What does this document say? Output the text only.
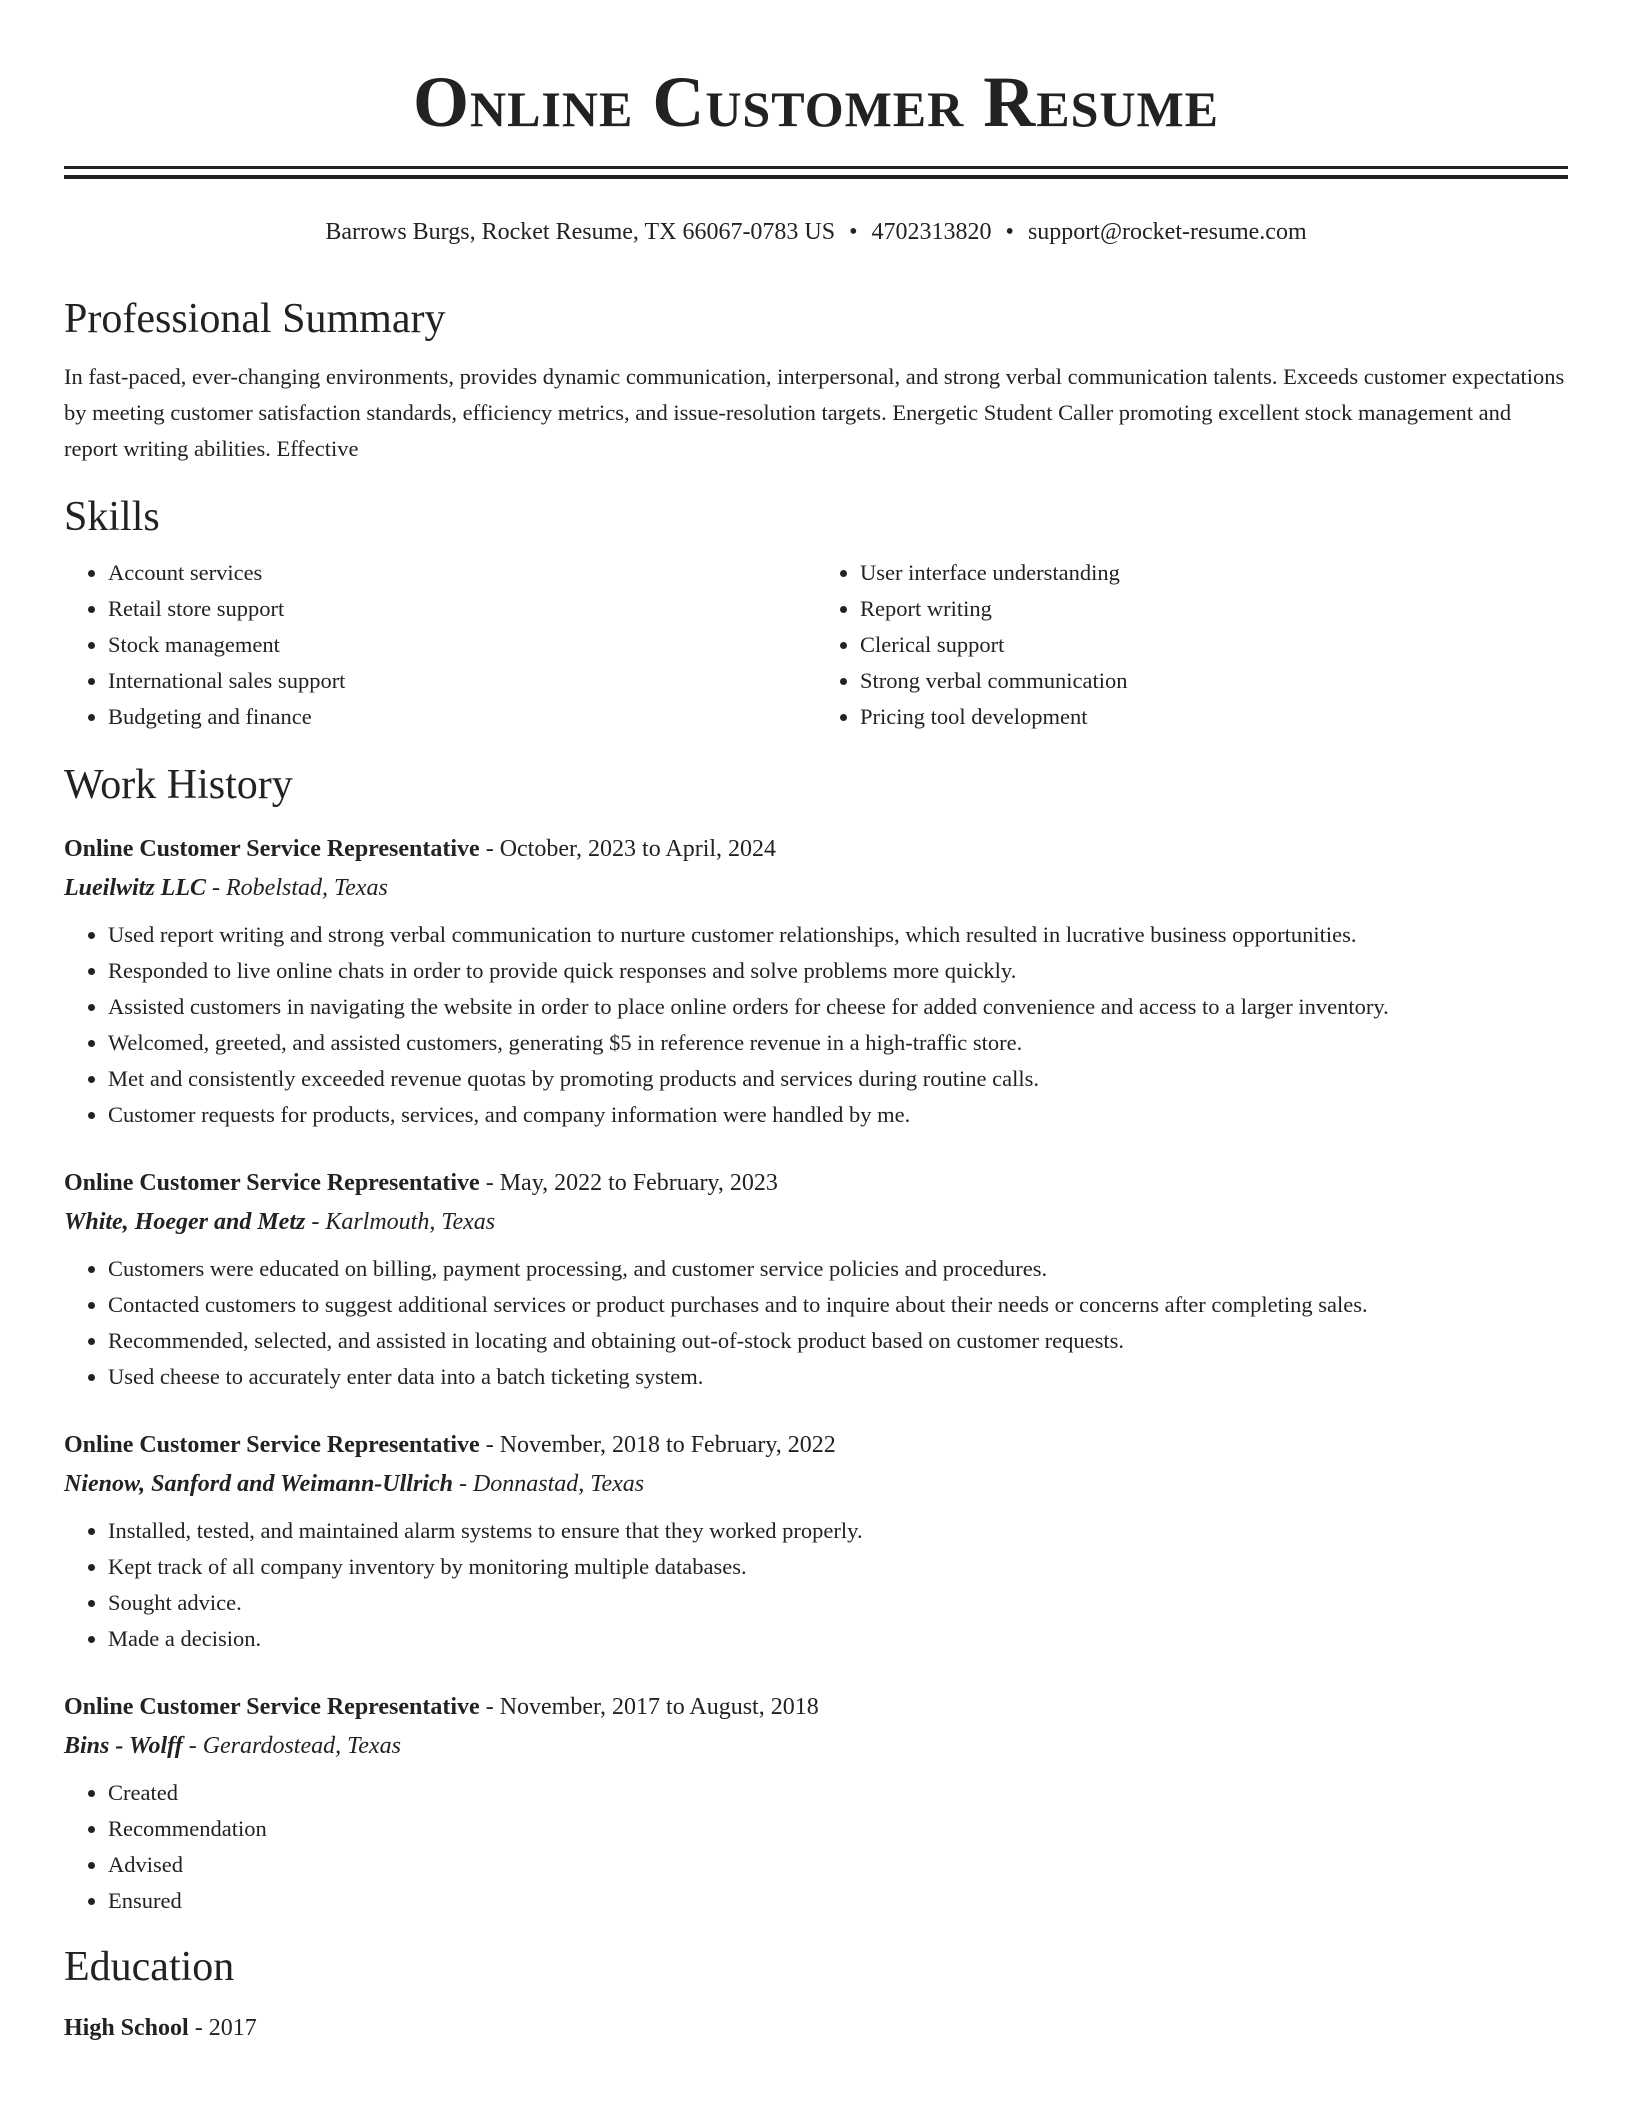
Online Customer Resume
Barrows Burgs, Rocket Resume, TX 66067-0783 US • 4702313820 • support@rocket-resume.com
Professional Summary
In fast-paced, ever-changing environments, provides dynamic communication, interpersonal, and strong verbal communication talents. Exceeds customer expectations by meeting customer satisfaction standards, efficiency metrics, and issue-resolution targets. Energetic Student Caller promoting excellent stock management and report writing abilities. Effective
Skills
• Account services
• Retail store support
• Stock management
• International sales support
• Budgeting and finance
• User interface understanding
• Report writing
• Clerical support
• Strong verbal communication
• Pricing tool development
Work History
Online Customer Service Representative - October, 2023 to April, 2024
Lueilwitz LLC - Robelstad, Texas
• Used report writing and strong verbal communication to nurture customer relationships, which resulted in lucrative business opportunities.
• Responded to live online chats in order to provide quick responses and solve problems more quickly.
• Assisted customers in navigating the website in order to place online orders for cheese for added convenience and access to a larger inventory.
• Welcomed, greeted, and assisted customers, generating $5 in reference revenue in a high-traffic store.
• Met and consistently exceeded revenue quotas by promoting products and services during routine calls.
• Customer requests for products, services, and company information were handled by me.
Online Customer Service Representative - May, 2022 to February, 2023
White, Hoeger and Metz - Karlmouth, Texas
• Customers were educated on billing, payment processing, and customer service policies and procedures.
• Contacted customers to suggest additional services or product purchases and to inquire about their needs or concerns after completing sales.
• Recommended, selected, and assisted in locating and obtaining out-of-stock product based on customer requests.
• Used cheese to accurately enter data into a batch ticketing system.
Online Customer Service Representative - November, 2018 to February, 2022
Nienow, Sanford and Weimann-Ullrich - Donnastad, Texas
• Installed, tested, and maintained alarm systems to ensure that they worked properly.
• Kept track of all company inventory by monitoring multiple databases.
• Sought advice.
• Made a decision.
Online Customer Service Representative - November, 2017 to August, 2018
Bins - Wolff - Gerardostead, Texas
• Created
• Recommendation
• Advised
• Ensured
Education
High School - 2017
